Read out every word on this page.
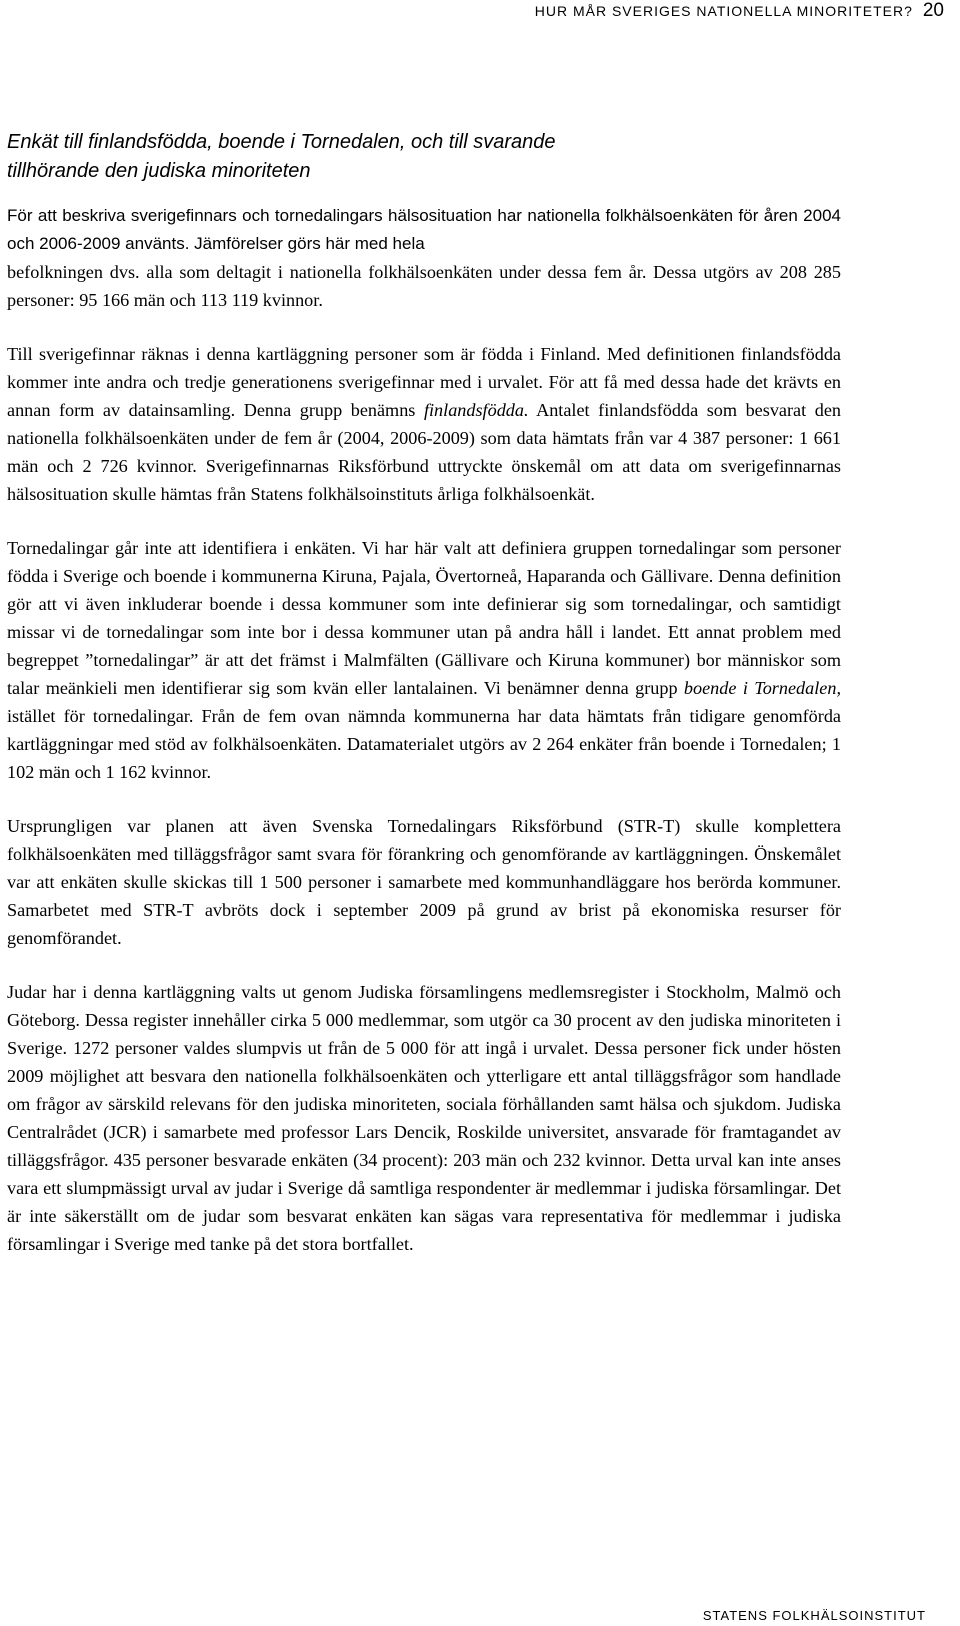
HUR MÅR SVERIGES NATIONELLA MINORITETER? 20
Enkät till finlandsfödda, boende i Tornedalen, och till svarande
tillhörande den judiska minoriteten
För att beskriva sverigefinnars och tornedalingars hälsosituation har nationella folkhälsoenkäten för åren 2004 och 2006-2009 använts. Jämförelser görs här med hela

befolkningen dvs. alla som deltagit i nationella folkhälsoenkäten under dessa fem år. Dessa utgörs av 208 285 personer: 95 166 män och 113 119 kvinnor.

Till sverigefinnar räknas i denna kartläggning personer som är födda i Finland. Med definitionen finlandsfödda kommer inte andra och tredje generationens sverigefinnar med i urvalet. För att få med dessa hade det krävts en annan form av datainsamling. Denna grupp benämns finlandsfödda. Antalet finlandsfödda som besvarat den nationella folkhälsoenkäten under de fem år (2004, 2006-2009) som data hämtats från var 4 387 personer: 1 661 män och 2 726 kvinnor. Sverigefinnarnas Riksförbund uttryckte önskemål om att data om sverigefinnarnas hälsosituation skulle hämtas från Statens folkhälsoinstituts årliga folkhälsoenkät.

Tornedalingar går inte att identifiera i enkäten. Vi har här valt att definiera gruppen tornedalingar som personer födda i Sverige och boende i kommunerna Kiruna, Pajala, Övertorneå, Haparanda och Gällivare. Denna definition gör att vi även inkluderar boende i dessa kommuner som inte definierar sig som tornedalingar, och samtidigt missar vi de tornedalingar som inte bor i dessa kommuner utan på andra håll i landet. Ett annat problem med begreppet ”tornedalingar” är att det främst i Malmfälten (Gällivare och Kiruna kommuner) bor människor som talar meänkieli men identifierar sig som kvän eller lantalainen. Vi benämner denna grupp boende i Tornedalen, istället för tornedalingar. Från de fem ovan nämnda kommunerna har data hämtats från tidigare genomförda kartläggningar med stöd av folkhälsoenkäten. Datamaterialet utgörs av 2 264 enkäter från boende i Tornedalen; 1 102 män och 1 162 kvinnor.

Ursprungligen var planen att även Svenska Tornedalingars Riksförbund (STR-T) skulle komplettera folkhälsoenkäten med tilläggsfrågor samt svara för förankring och genomförande av kartläggningen. Önskemålet var att enkäten skulle skickas till 1 500 personer i samarbete med kommunhandläggare hos berörda kommuner. Samarbetet med STR-T avbröts dock i september 2009 på grund av brist på ekonomiska resurser för genomförandet.

Judar har i denna kartläggning valts ut genom Judiska församlingens medlemsregister i Stockholm, Malmö och Göteborg. Dessa register innehåller cirka 5 000 medlemmar, som utgör ca 30 procent av den judiska minoriteten i Sverige. 1272 personer valdes slumpvis ut från de 5 000 för att ingå i urvalet. Dessa personer fick under hösten 2009 möjlighet att besvara den nationella folkhälsoenkäten och ytterligare ett antal tilläggsfrågor som handlade om frågor av särskild relevans för den judiska minoriteten, sociala förhållanden samt hälsa och sjukdom. Judiska Centralrådet (JCR) i samarbete med professor Lars Dencik, Roskilde universitet, ansvarade för framtagandet av tilläggsfrågor. 435 personer besvarade enkäten (34 procent): 203 män och 232 kvinnor. Detta urval kan inte anses vara ett slumpmässigt urval av judar i Sverige då samtliga respondenter är medlemmar i judiska församlingar. Det är inte säkerställt om de judar som besvarat enkäten kan sägas vara representativa för medlemmar i judiska församlingar i Sverige med tanke på det stora bortfallet.

STATENS FOLKHÄLSOINSTITUT
